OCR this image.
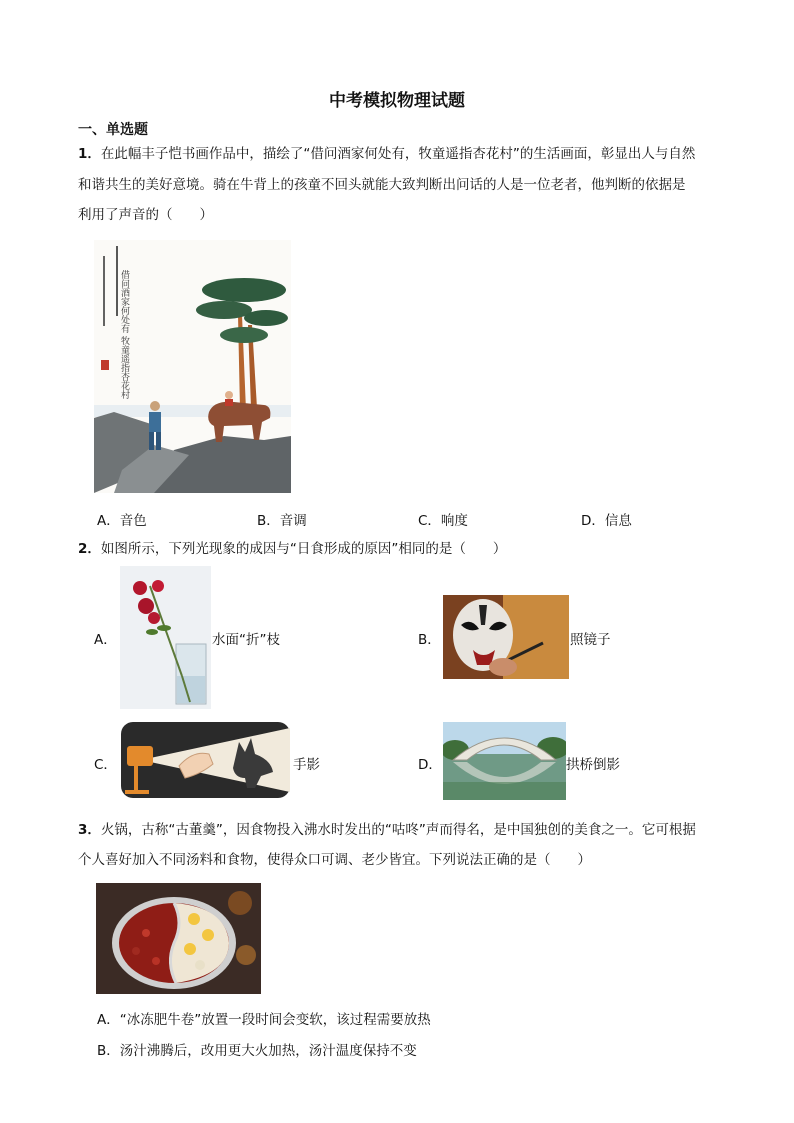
中考模拟物理试题
一、单选题
1．在此幅丰子恺书画作品中，描绘了“借问酒家何处有，牧童遥指杏花村”的生活画面，彰显出人与自然
和谐共生的美好意境。骑在牛背上的孩童不回头就能大致判断出问话的人是一位老者，他判断的依据是
利用了声音的（　　）
借问酒家何处有 牧童遥指杏花村
A．音色	B．音调	C．响度	D．信息
2．如图所示，下列光现象的成因与“日食形成的原因”相同的是（　　）
A．	水面“折”枝	B．	照镜子
C．	手影	D．	拱桥倒影
3．火锅，古称“古董羹”，因食物投入沸水时发出的“咕咚”声而得名，是中国独创的美食之一。它可根据
个人喜好加入不同汤料和食物，使得众口可调、老少皆宜。下列说法正确的是（　　）
A．“冰冻肥牛卷”放置一段时间会变软，该过程需要放热
B．汤汁沸腾后，改用更大火加热，汤汁温度保持不变
